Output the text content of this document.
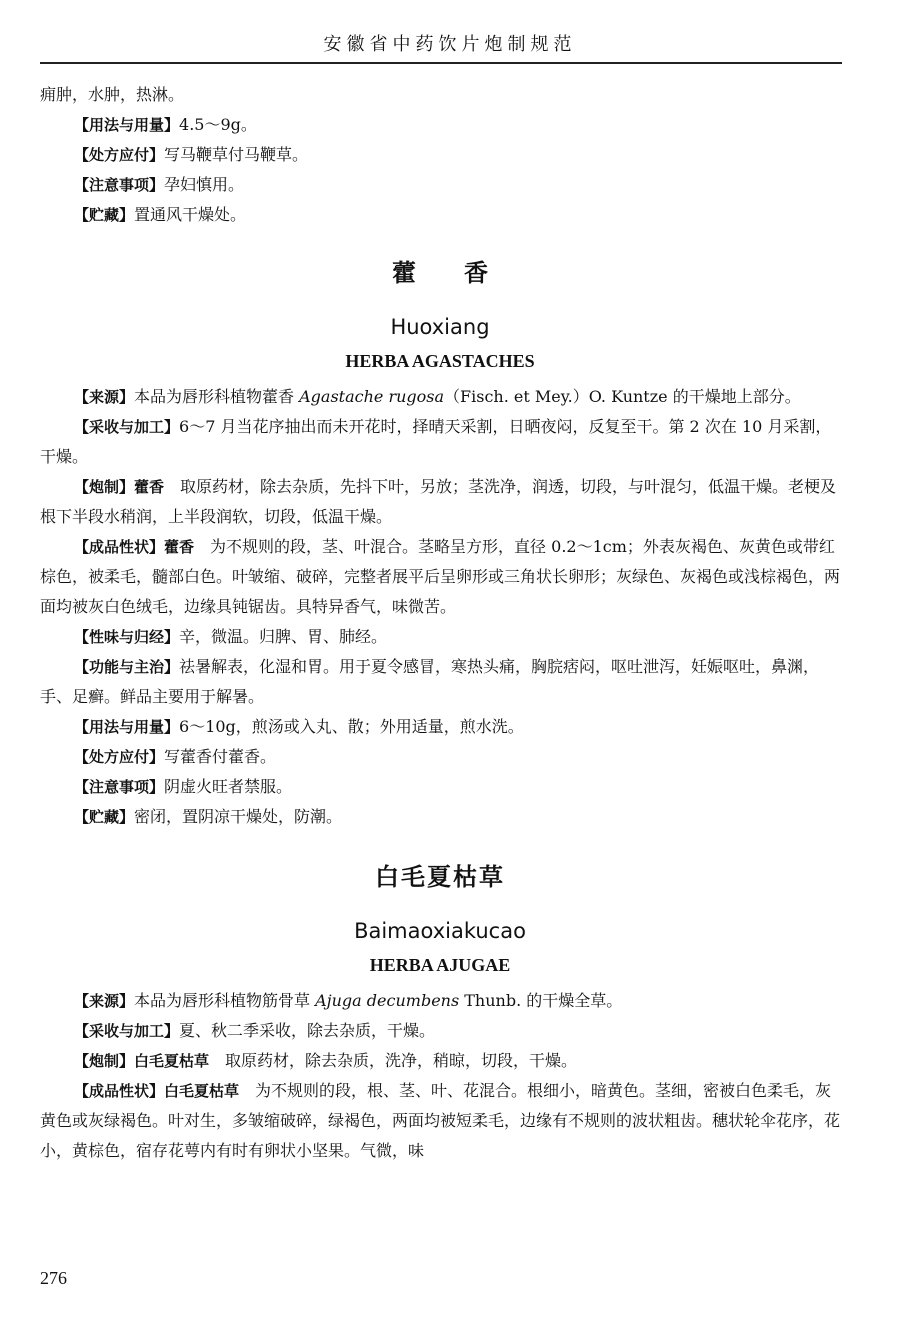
安徽省中药饮片炮制规范

痈肿，水肿，热淋。

【用法与用量】4.5～9g。

【处方应付】写马鞭草付马鞭草。

【注意事项】孕妇慎用。

【贮藏】置通风干燥处。

藿香
Huoxiang
HERBA AGASTACHES

【来源】本品为唇形科植物藿香 Agastache rugosa（Fisch. et Mey.）O. Kuntze 的干燥地上部分。

【采收与加工】6～7 月当花序抽出而未开花时，择晴天采割，日晒夜闷，反复至干。第 2 次在 10 月采割，干燥。

【炮制】藿香　 取原药材，除去杂质，先抖下叶，另放；茎洗净，润透，切段，与叶混匀，低温干燥。老梗及根下半段水稍润，上半段润软，切段，低温干燥。

【成品性状】藿香　 为不规则的段，茎、叶混合。茎略呈方形，直径 0.2～1cm；外表灰褐色、灰黄色或带红棕色，被柔毛，髓部白色。叶皱缩、破碎，完整者展平后呈卵形或三角状长卵形；灰绿色、灰褐色或浅棕褐色，两面均被灰白色绒毛，边缘具钝锯齿。具特异香气，味微苦。

【性味与归经】辛，微温。归脾、胃、肺经。

【功能与主治】祛暑解表，化湿和胃。用于夏令感冒，寒热头痛，胸脘痞闷，呕吐泄泻，妊娠呕吐，鼻渊，手、足癣。鲜品主要用于解暑。

【用法与用量】6～10g，煎汤或入丸、散；外用适量，煎水洗。

【处方应付】写藿香付藿香。

【注意事项】阴虚火旺者禁服。

【贮藏】密闭，置阴凉干燥处，防潮。

白毛夏枯草
Baimaoxiakucao
HERBA AJUGAE

【来源】本品为唇形科植物筋骨草 Ajuga decumbens Thunb. 的干燥全草。

【采收与加工】夏、秋二季采收，除去杂质，干燥。

【炮制】白毛夏枯草　 取原药材，除去杂质，洗净，稍晾，切段，干燥。

【成品性状】白毛夏枯草　 为不规则的段，根、茎、叶、花混合。根细小，暗黄色。茎细，密被白色柔毛，灰黄色或灰绿褐色。叶对生，多皱缩破碎，绿褐色，两面均被短柔毛，边缘有不规则的波状粗齿。穗状轮伞花序，花小，黄棕色，宿存花萼内有时有卵状小坚果。气微，味

276
